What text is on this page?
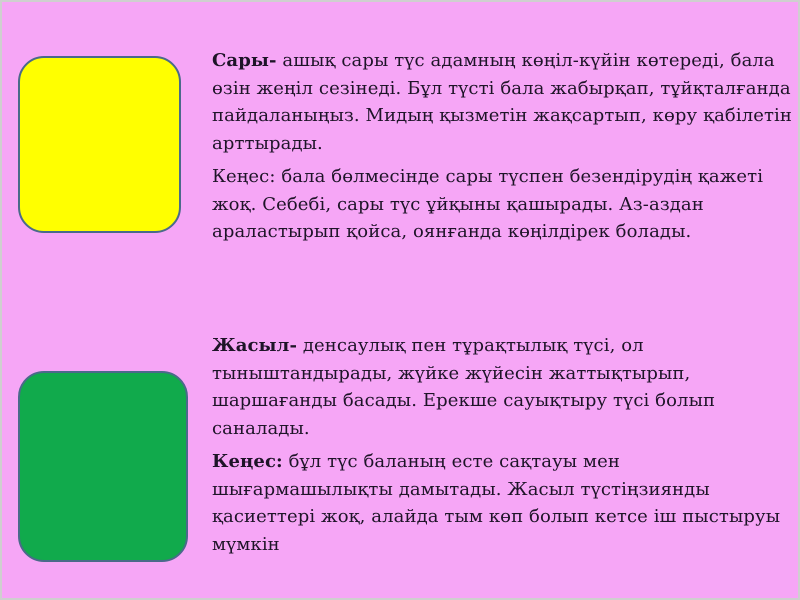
Сары- ашық сары түс адамның көңіл-күйін көтереді, бала өзін жеңіл сезінеді. Бұл түсті бала жабырқап, тұйқталғанда пайдаланыңыз. Мидың қызметін жақсартып, көру қабілетін арттырады.

Кеңес: бала бөлмесінде сары түспен безендірудің қажеті жоқ. Себебі, сары түс ұйқыны қашырады. Аз-аздан араластырып қойса, оянғанда көңілдірек болады.

Жасыл- денсаулық пен тұрақтылық түсі, ол тыныштандырады, жүйке жүйесін жаттықтырып, шаршағанды басады. Ерекше сауықтыру түсі болып саналады.

Кеңес: бұл түс баланың есте сақтауы мен шығармашылықты дамытады. Жасыл түстіңзиянды қасиеттері жоқ, алайда тым көп болып кетсе іш пыстыруы мүмкін
